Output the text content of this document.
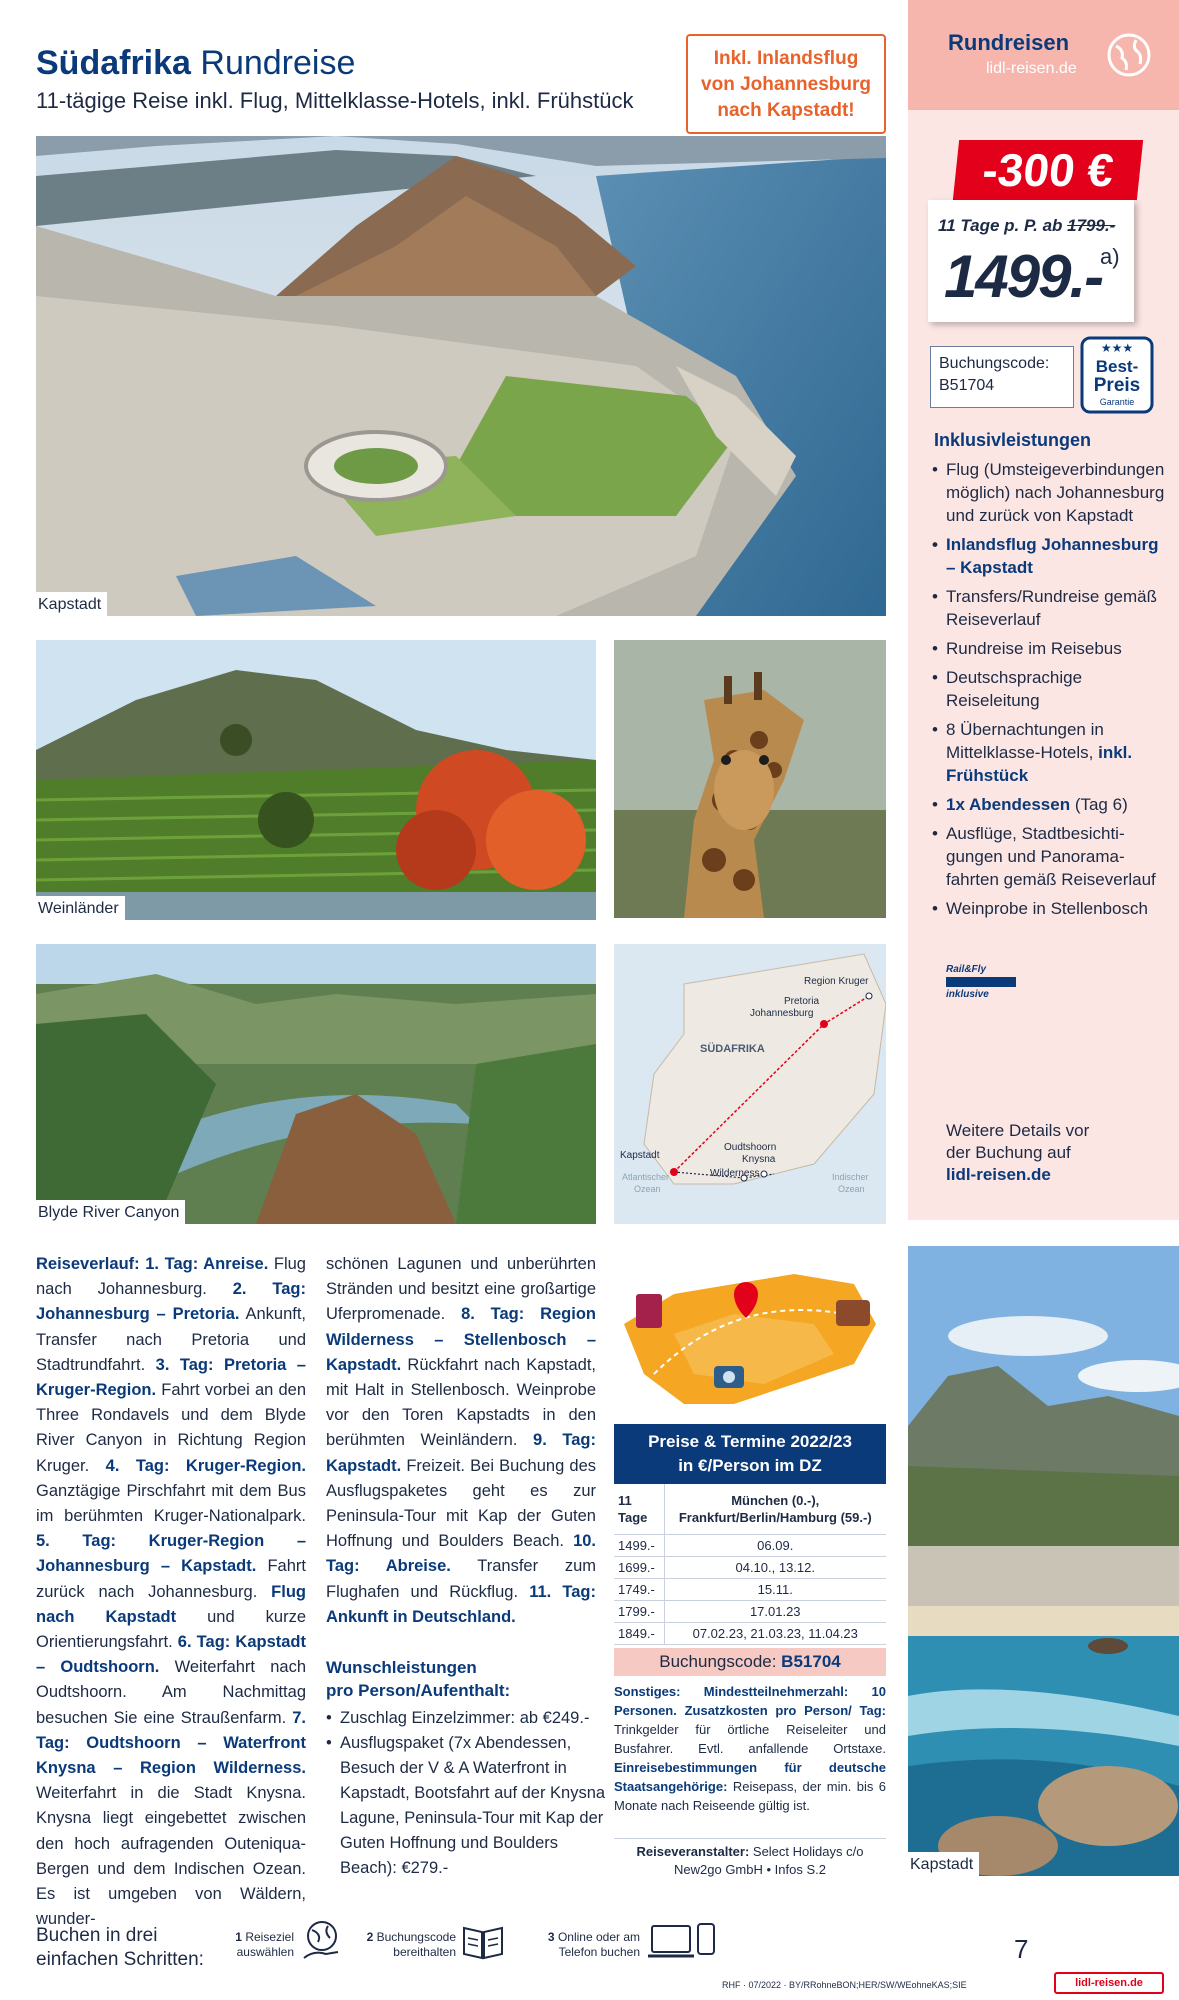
Südafrika Rundreise
11-tägige Reise inkl. Flug, Mittelklasse-Hotels, inkl. Frühstück
Inkl. Inlandsflug
von Johannesburg
nach Kapstadt!
Kapstadt
Weinländer
Blyde River Canyon
SÜDAFRIKA
Region Kruger
Pretoria
Johannesburg
Kapstadt
Oudtshoorn
Knysna
Wilderness
Atlantischer
Ozean
Indischer
Ozean
Rundreisen
lidl-reisen.de
-300 €
11 Tage p. P. ab 1799.-
1499.-
a)
Buchungscode:
B51704
★★★
Best-
Preis
Garantie
Inklusivleistungen
• Flug (Umsteigeverbindungen möglich) nach Johannesburg und zurück von Kapstadt
• Inlandsflug Johannesburg – Kapstadt
• Transfers/Rundreise gemäß Reiseverlauf
• Rundreise im Reisebus
• Deutschsprachige Reiseleitung
• 8 Übernachtungen in Mittelklasse-Hotels, inkl. Frühstück
• 1x Abendessen (Tag 6)
• Ausflüge, Stadtbesichtigungen und Panoramafahrten gemäß Reiseverlauf
• Weinprobe in Stellenbosch
Rail&Fly
inklusive
Weitere Details vor
der Buchung auf
lidl-reisen.de
Kapstadt
Reiseverlauf: 1. Tag: Anreise. Flug nach Johannesburg. 2. Tag: Johannesburg – Pretoria. Ankunft, Transfer nach Pretoria und Stadtrundfahrt. 3. Tag: Pretoria – Kruger-Region. Fahrt vorbei an den Three Rondavels und dem Blyde River Canyon in Richtung Region Kruger. 4. Tag: Kruger-Region. Ganztägige Pirschfahrt mit dem Bus im berühmten Kruger-Nationalpark. 5. Tag: Kruger-Region – Johannesburg – Kapstadt. Fahrt zurück nach Johannesburg. Flug nach Kapstadt und kurze Orientierungsfahrt. 6. Tag: Kapstadt – Oudtshoorn. Weiterfahrt nach Oudtshoorn. Am Nachmittag besuchen Sie eine Straußenfarm. 7. Tag: Oudtshoorn – Waterfront Knysna – Region Wilderness. Weiterfahrt in die Stadt Knysna. Knysna liegt eingebettet zwischen den hoch aufragenden Outeniqua-Bergen und dem Indischen Ozean. Es ist umgeben von Wäldern, wunder-
schönen Lagunen und unberührten Stränden und besitzt eine großartige Uferpromenade. 8. Tag: Region Wilderness – Stellenbosch – Kapstadt. Rückfahrt nach Kapstadt, mit Halt in Stellenbosch. Weinprobe vor den Toren Kapstadts in den berühmten Weinländern. 9. Tag: Kapstadt. Freizeit. Bei Buchung des Ausflugspaketes geht es zur Peninsula-Tour mit Kap der Guten Hoffnung und Boulders Beach. 10. Tag: Abreise. Transfer zum Flughafen und Rückflug. 11. Tag: Ankunft in Deutschland.
Wunschleistungen
pro Person/Aufenthalt:
• Zuschlag Einzelzimmer: ab €249.-
• Ausflugspaket (7x Abendessen, Besuch der V & A Waterfront in Kapstadt, Bootsfahrt auf der Knysna Lagune, Peninsula-Tour mit Kap der Guten Hoffnung und Boulders Beach): €279.-
Preise & Termine 2022/23
in €/Person im DZ
11 Tage	München (0.-),
Frankfurt/Berlin/Hamburg (59.-)

1499.-	06.09.
1699.-	04.10., 13.12.
1749.-	15.11.
1799.-	17.01.23
1849.-	07.02.23, 21.03.23, 11.04.23
Buchungscode: B51704
Sonstiges: Mindestteilnehmerzahl: 10 Personen. Zusatzkosten pro Person/ Tag: Trinkgelder für örtliche Reiseleiter und Busfahrer. Evtl. anfallende Ortstaxe. Einreisebestimmungen für deutsche Staatsangehörige: Reisepass, der min. bis 6 Monate nach Reiseende gültig ist.
Reiseveranstalter: Select Holidays c/o New2go GmbH • Infos S.2
Buchen in drei
einfachen Schritten:
1 Reiseziel
auswählen
2 Buchungscode
bereithalten
3 Online oder am
Telefon buchen	7
RHF · 07/2022 · BY/RRohneBON;HER/SW/WEohneKAS;SIE	lidl-reisen.de
